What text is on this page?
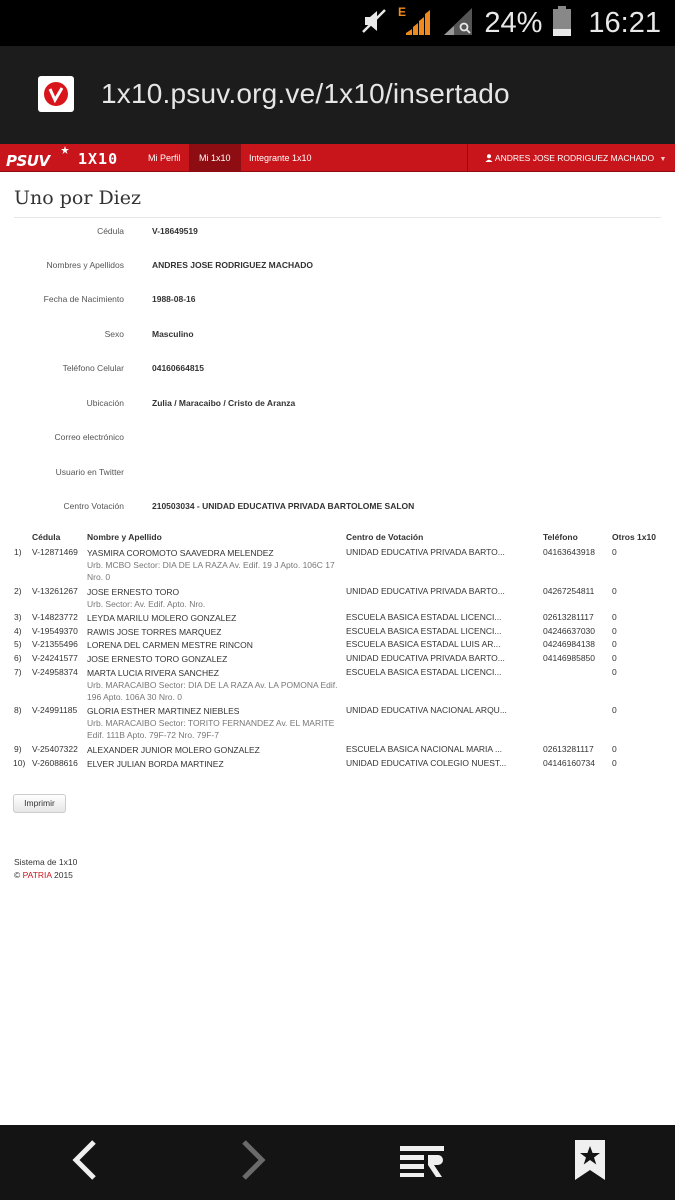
E	24% 16:21
1x10.psuv.org.ve/1x10/insertado
PSUV 1X10	Mi Perfil	Mi 1x10	Integrante 1x10	ANDRES JOSE RODRIGUEZ MACHADO ▼
Uno por Diez
Cédula	V-18649519
Nombres y Apellidos	ANDRES JOSE RODRIGUEZ MACHADO
Fecha de Nacimiento	1988-08-16
Sexo	Masculino
Teléfono Celular	04160664815
Ubicación	Zulia / Maracaibo / Cristo de Aranza
Correo electrónico
Usuario en Twitter
Centro Votación	210503034 - UNIDAD EDUCATIVA PRIVADA BARTOLOME SALON
Cédula	Nombre y Apellido	Centro de Votación	Teléfono	Otros 1x10
1) V-12871469 YASMIRA COROMOTO SAAVEDRA MELENDEZ
Urb. MCBO Sector: DIA DE LA RAZA Av. Edif. 19 J Apto. 106C 17 Nro. 0
UNIDAD EDUCATIVA PRIVADA BARTO...	04163643918 0
2) V-13261267 JOSE ERNESTO TORO
Urb. Sector: Av. Edif. Apto. Nro.
UNIDAD EDUCATIVA PRIVADA BARTO...	04267254811 0
3) V-14823772 LEYDA MARILU MOLERO GONZALEZ	ESCUELA BASICA ESTADAL LICENCI...	02613281117 0
4) V-19549370 RAWIS JOSE TORRES MARQUEZ	ESCUELA BASICA ESTADAL LICENCI...	04246637030 0
5) V-21355496 LORENA DEL CARMEN MESTRE RINCON	ESCUELA BASICA ESTADAL LUIS AR...	04246984138 0
6) V-24241577 JOSE ERNESTO TORO GONZALEZ	UNIDAD EDUCATIVA PRIVADA BARTO...	04146985850 0
7) V-24958374 MARTA LUCIA RIVERA SANCHEZ
Urb. MARACAIBO Sector: DIA DE LA RAZA Av. LA POMONA Edif. 196 Apto. 106A 30 Nro. 0
ESCUELA BASICA ESTADAL LICENCI...	0
8) V-24991185 GLORIA ESTHER MARTINEZ NIEBLES
Urb. MARACAIBO Sector: TORITO FERNANDEZ Av. EL MARITE Edif. 111B Apto. 79F-72 Nro. 79F-7
UNIDAD EDUCATIVA NACIONAL ARQU...	0
9) V-25407322 ALEXANDER JUNIOR MOLERO GONZALEZ	ESCUELA BASICA NACIONAL MARIA ...	02613281117 0
10) V-26088616 ELVER JULIAN BORDA MARTINEZ	UNIDAD EDUCATIVA COLEGIO NUEST...	04146160734 0
Imprimir
Sistema de 1x10
© PATRIA 2015
